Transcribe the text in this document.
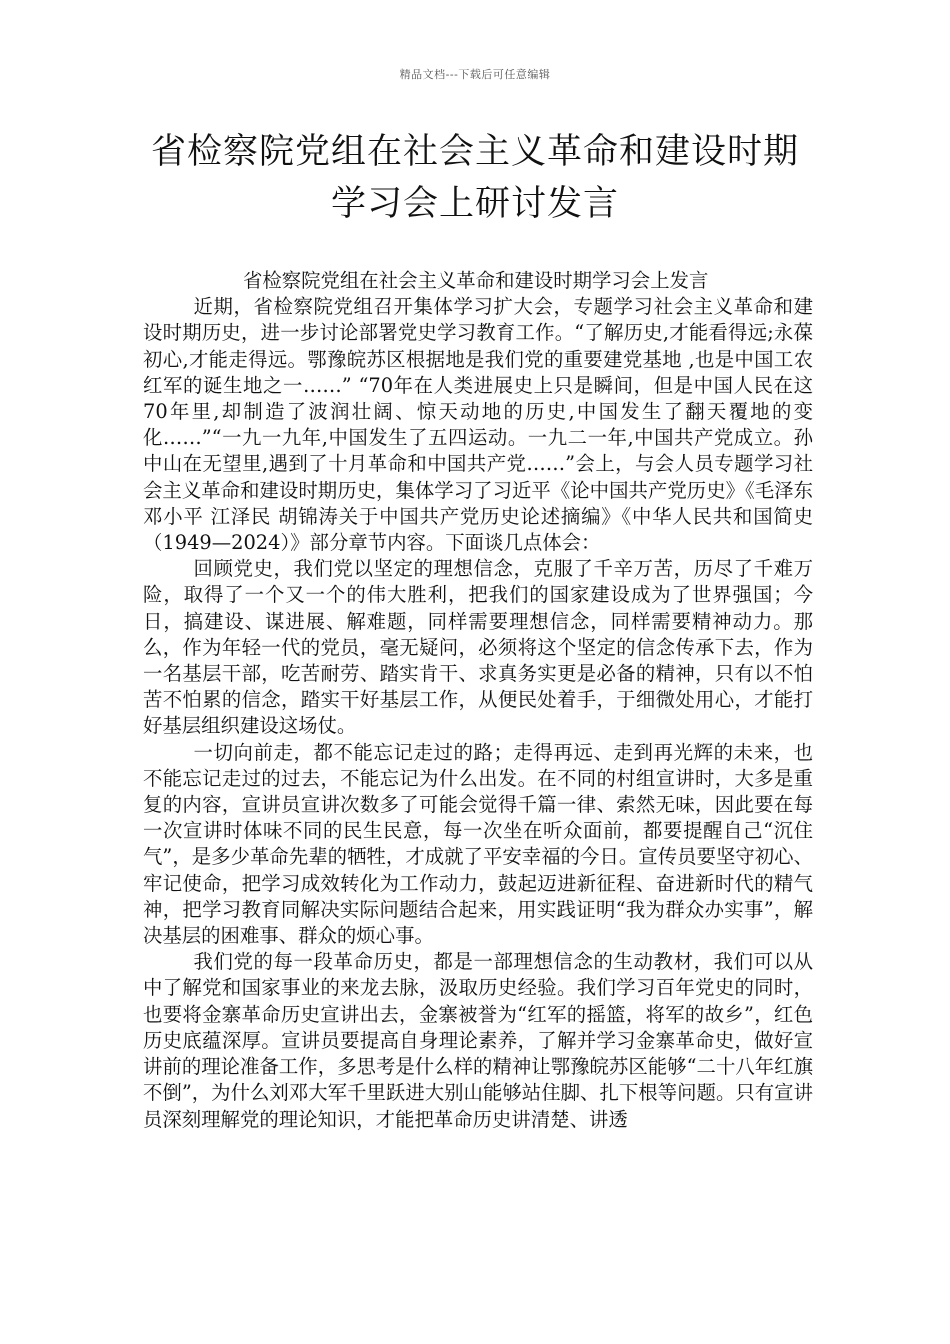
精品文档---下载后可任意编辑
省检察院党组在社会主义革命和建设时期
学习会上研讨发言

省检察院党组在社会主义革命和建设时期学习会上发言

近期，省检察院党组召开集体学习扩大会，专题学习社会主义革命和建设时期历史，进一步讨论部署党史学习教育工作。“了解历史,才能看得远;永葆初心,才能走得远。鄂豫皖苏区根据地是我们党的重要建党基地 ,也是中国工农红军的诞生地之一……” “70年在人类进展史上只是瞬间，但是中国人民在这 70年里,却制造了波润壮阔、惊天动地的历史,中国发生了翻天覆地的变化……”“一九一九年,中国发生了五四运动。一九二一年,中国共产党成立。孙中山在无望里,遇到了十月革命和中国共产党……”会上，与会人员专题学习社会主义革命和建设时期历史，集体学习了习近平《论中国共产党历史》《毛泽东 邓小平 江泽民 胡锦涛关于中国共产党历史论述摘编》《中华人民共和国简史（1949—2024）》部分章节内容。下面谈几点体会：

回顾党史，我们党以坚定的理想信念，克服了千辛万苦，历尽了千难万险，取得了一个又一个的伟大胜利，把我们的国家建设成为了世界强国；今日，搞建设、谋进展、解难题，同样需要理想信念，同样需要精神动力。那么，作为年轻一代的党员，毫无疑问，必须将这个坚定的信念传承下去，作为一名基层干部，吃苦耐劳、踏实肯干、求真务实更是必备的精神，只有以不怕苦不怕累的信念，踏实干好基层工作，从便民处着手，于细微处用心，才能打好基层组织建设这场仗。

一切向前走，都不能忘记走过的路；走得再远、走到再光辉的未来，也不能忘记走过的过去，不能忘记为什么出发。在不同的村组宣讲时，大多是重复的内容，宣讲员宣讲次数多了可能会觉得千篇一律、索然无味，因此要在每一次宣讲时体味不同的民生民意，每一次坐在听众面前，都要提醒自己“沉住气”，是多少革命先辈的牺牲，才成就了平安幸福的今日。宣传员要坚守初心、牢记使命，把学习成效转化为工作动力，鼓起迈进新征程、奋进新时代的精气神，把学习教育同解决实际问题结合起来，用实践证明“我为群众办实事”，解决基层的困难事、群众的烦心事。

我们党的每一段革命历史，都是一部理想信念的生动教材，我们可以从中了解党和国家事业的来龙去脉，汲取历史经验。我们学习百年党史的同时，也要将金寨革命历史宣讲出去，金寨被誉为“红军的摇篮，将军的故乡”，红色历史底蕴深厚。宣讲员要提高自身理论素养，了解并学习金寨革命史，做好宣讲前的理论准备工作，多思考是什么样的精神让鄂豫皖苏区能够“二十八年红旗不倒”，为什么刘邓大军千里跃进大别山能够站住脚、扎下根等问题。只有宣讲员深刻理解党的理论知识，才能把革命历史讲清楚、讲透
